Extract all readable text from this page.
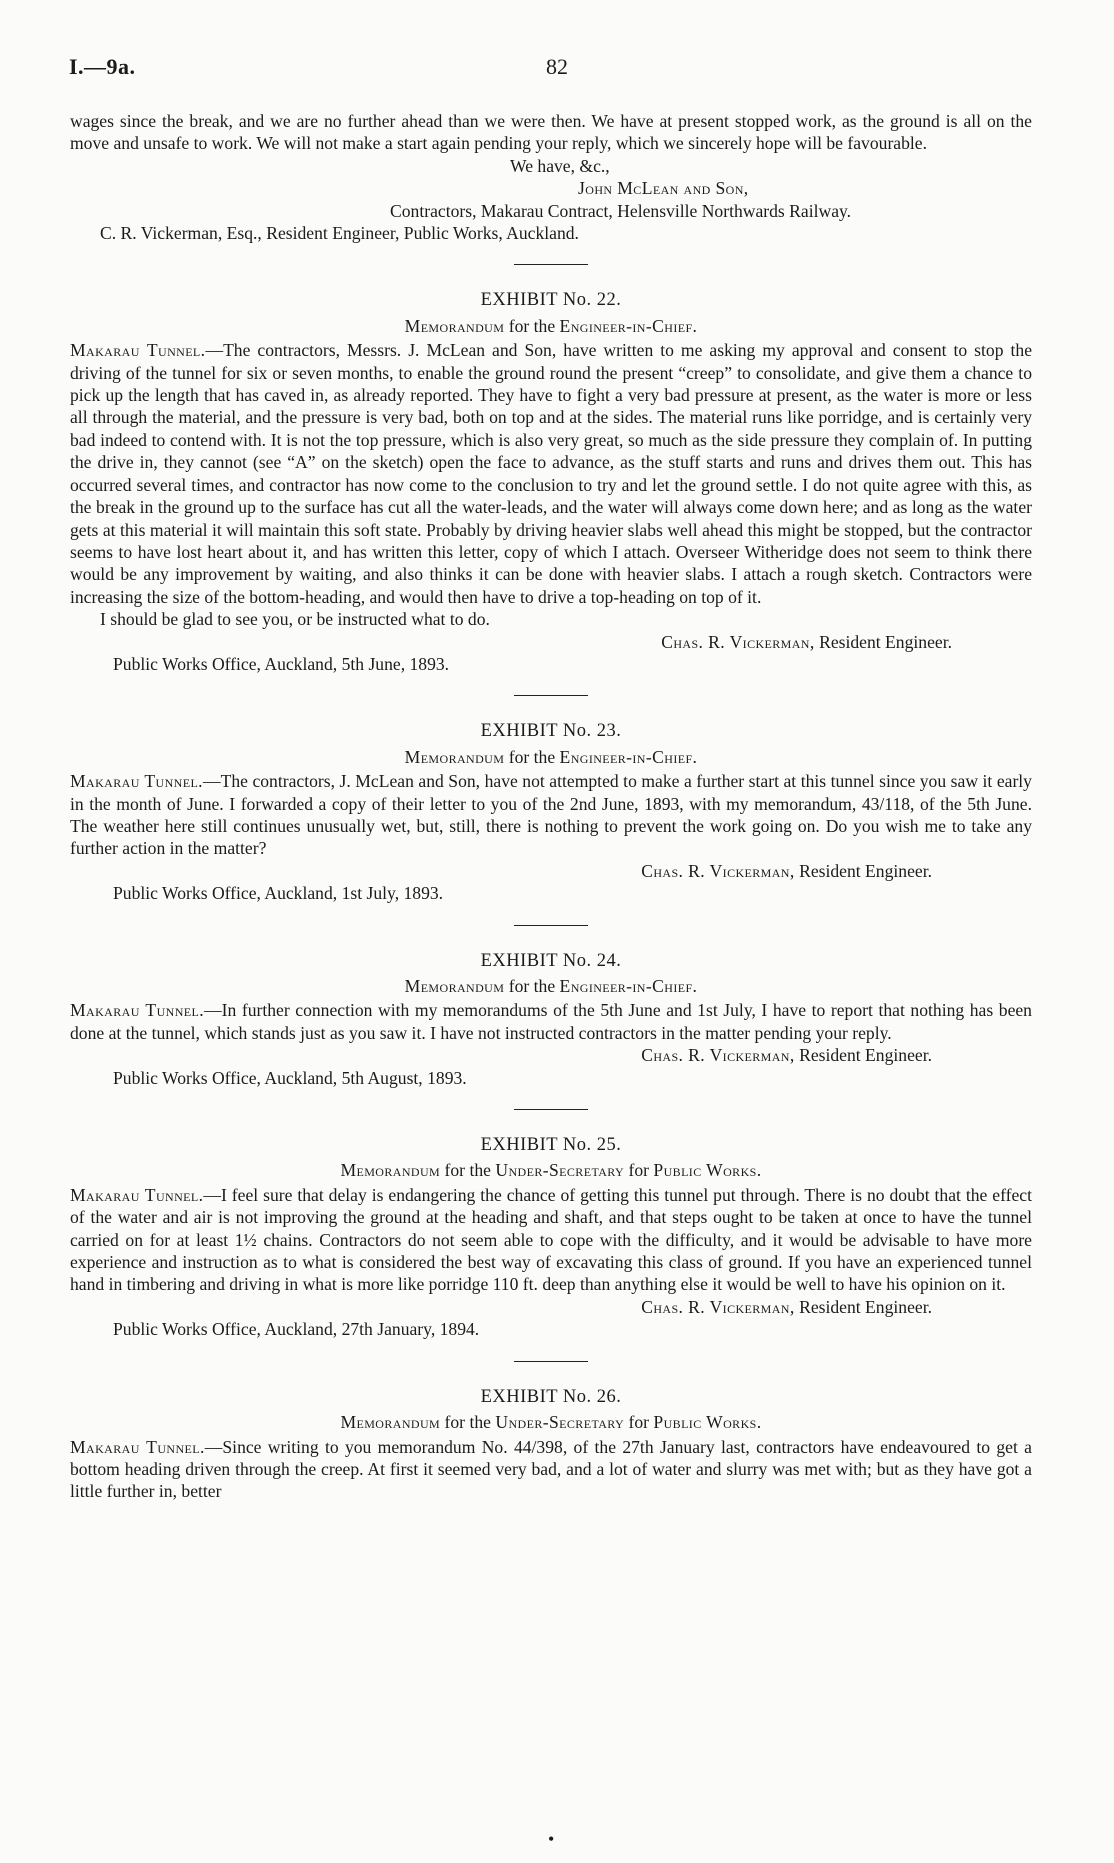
I.—9a.	82

wages since the break, and we are no further ahead than we were then. We have at present stopped work, as the ground is all on the move and unsafe to work. We will not make a start again pending your reply, which we sincerely hope will be favourable.

We have, &c.,

John McLean and Son,

Contractors, Makarau Contract, Helensville Northwards Railway.

C. R. Vickerman, Esq., Resident Engineer, Public Works, Auckland.

EXHIBIT No. 22.
Memorandum for the Engineer-in-Chief.

Makarau Tunnel.—The contractors, Messrs. J. McLean and Son, have written to me asking my approval and consent to stop the driving of the tunnel for six or seven months, to enable the ground round the present “creep” to consolidate, and give them a chance to pick up the length that has caved in, as already reported. They have to fight a very bad pressure at present, as the water is more or less all through the material, and the pressure is very bad, both on top and at the sides. The material runs like porridge, and is certainly very bad indeed to contend with. It is not the top pressure, which is also very great, so much as the side pressure they complain of. In putting the drive in, they cannot (see “A” on the sketch) open the face to advance, as the stuff starts and runs and drives them out. This has occurred several times, and contractor has now come to the conclusion to try and let the ground settle. I do not quite agree with this, as the break in the ground up to the surface has cut all the water-leads, and the water will always come down here; and as long as the water gets at this material it will maintain this soft state. Probably by driving heavier slabs well ahead this might be stopped, but the contractor seems to have lost heart about it, and has written this letter, copy of which I attach. Overseer Witheridge does not seem to think there would be any improvement by waiting, and also thinks it can be done with heavier slabs. I attach a rough sketch. Contractors were increasing the size of the bottom-heading, and would then have to drive a top-heading on top of it.

I should be glad to see you, or be instructed what to do.

Chas. R. Vickerman, Resident Engineer.

Public Works Office, Auckland, 5th June, 1893.

EXHIBIT No. 23.
Memorandum for the Engineer-in-Chief.

Makarau Tunnel.—The contractors, J. McLean and Son, have not attempted to make a further start at this tunnel since you saw it early in the month of June. I forwarded a copy of their letter to you of the 2nd June, 1893, with my memorandum, 43/118, of the 5th June. The weather here still continues unusually wet, but, still, there is nothing to prevent the work going on. Do you wish me to take any further action in the matter?

Chas. R. Vickerman, Resident Engineer.

Public Works Office, Auckland, 1st July, 1893.

EXHIBIT No. 24.
Memorandum for the Engineer-in-Chief.

Makarau Tunnel.—In further connection with my memorandums of the 5th June and 1st July, I have to report that nothing has been done at the tunnel, which stands just as you saw it. I have not instructed contractors in the matter pending your reply.

Chas. R. Vickerman, Resident Engineer.

Public Works Office, Auckland, 5th August, 1893.

EXHIBIT No. 25.
Memorandum for the Under-Secretary for Public Works.

Makarau Tunnel.—I feel sure that delay is endangering the chance of getting this tunnel put through. There is no doubt that the effect of the water and air is not improving the ground at the heading and shaft, and that steps ought to be taken at once to have the tunnel carried on for at least 1½ chains. Contractors do not seem able to cope with the difficulty, and it would be advisable to have more experience and instruction as to what is considered the best way of excavating this class of ground. If you have an experienced tunnel hand in timbering and driving in what is more like porridge 110 ft. deep than anything else it would be well to have his opinion on it.

Chas. R. Vickerman, Resident Engineer.

Public Works Office, Auckland, 27th January, 1894.

EXHIBIT No. 26.
Memorandum for the Under-Secretary for Public Works.

Makarau Tunnel.—Since writing to you memorandum No. 44/398, of the 27th January last, contractors have endeavoured to get a bottom heading driven through the creep. At first it seemed very bad, and a lot of water and slurry was met with; but as they have got a little further in, better

•
